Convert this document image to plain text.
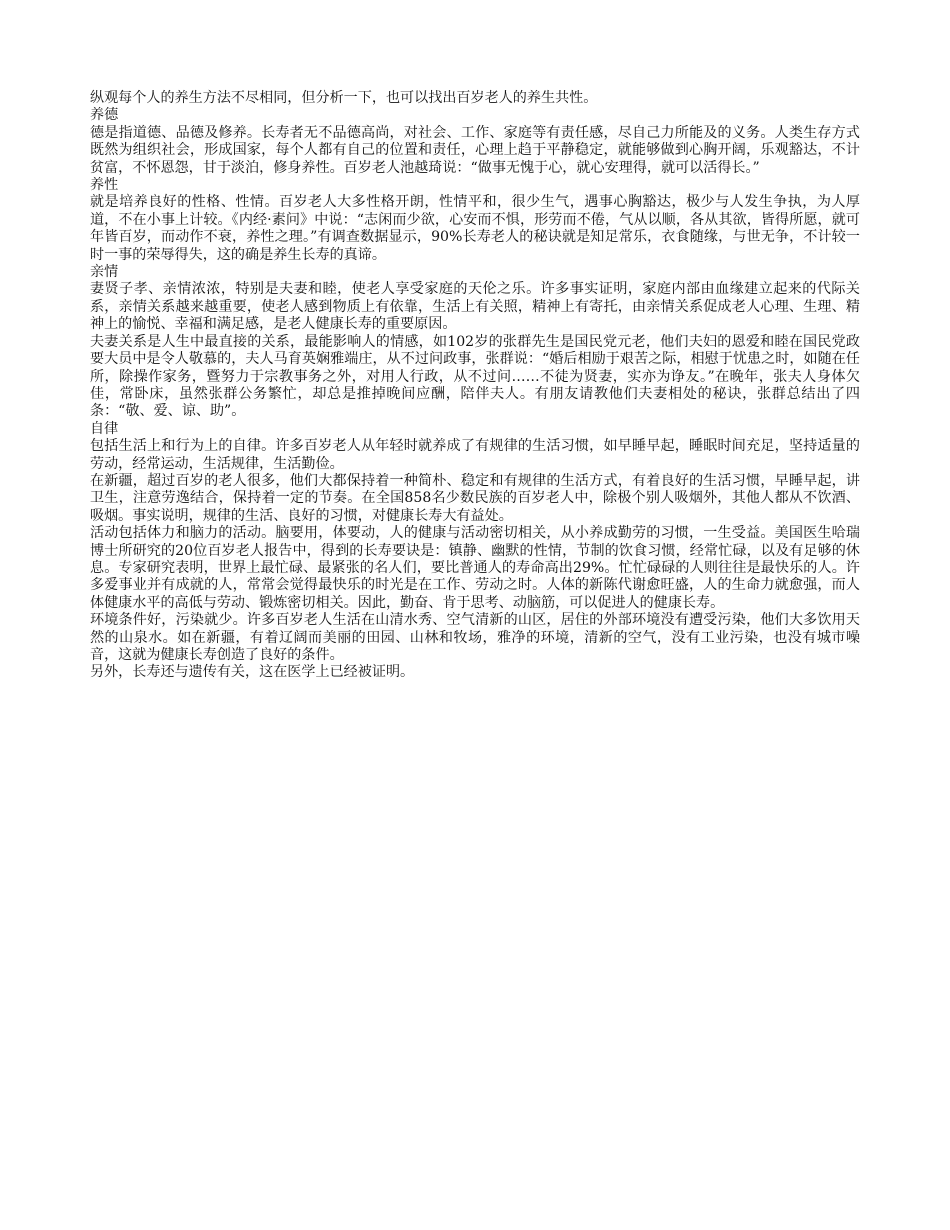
纵观每个人的养生方法不尽相同，但分析一下，也可以找出百岁老人的养生共性。

养德

德是指道德、品德及修养。长寿者无不品德高尚，对社会、工作、家庭等有责任感，尽自己力所能及的义务。人类生存方式既然为组织社会，形成国家，每个人都有自己的位置和责任，心理上趋于平静稳定，就能够做到心胸开阔，乐观豁达，不计贫富，不怀恩怨，甘于淡泊，修身养性。百岁老人池越琦说：“做事无愧于心，就心安理得，就可以活得长。”

养性

就是培养良好的性格、性情。百岁老人大多性格开朗，性情平和，很少生气，遇事心胸豁达，极少与人发生争执，为人厚道，不在小事上计较。《内经·素问》中说：“志闲而少欲，心安而不惧，形劳而不倦，气从以顺，各从其欲，皆得所愿，就可年皆百岁，而动作不衰，养性之理。”有调查数据显示，90%长寿老人的秘诀就是知足常乐，衣食随缘，与世无争，不计较一时一事的荣辱得失，这的确是养生长寿的真谛。

亲情

妻贤子孝、亲情浓浓，特别是夫妻和睦，使老人享受家庭的天伦之乐。许多事实证明，家庭内部由血缘建立起来的代际关系，亲情关系越来越重要，使老人感到物质上有依靠，生活上有关照，精神上有寄托，由亲情关系促成老人心理、生理、精神上的愉悦、幸福和满足感，是老人健康长寿的重要原因。

夫妻关系是人生中最直接的关系，最能影响人的情感，如102岁的张群先生是国民党元老，他们夫妇的恩爱和睦在国民党政要大员中是令人敬慕的，夫人马育英娴雅端庄，从不过问政事，张群说：“婚后相励于艰苦之际，相慰于忧患之时，如随在任所，除操作家务，暨努力于宗教事务之外，对用人行政，从不过问……不徒为贤妻，实亦为诤友。”在晚年，张夫人身体欠佳，常卧床，虽然张群公务繁忙，却总是推掉晚间应酬，陪伴夫人。有朋友请教他们夫妻相处的秘诀，张群总结出了四条：“敬、爱、谅、助”。

自律

包括生活上和行为上的自律。许多百岁老人从年轻时就养成了有规律的生活习惯，如早睡早起，睡眠时间充足，坚持适量的劳动，经常运动，生活规律，生活勤俭。

在新疆，超过百岁的老人很多，他们大都保持着一种简朴、稳定和有规律的生活方式，有着良好的生活习惯，早睡早起，讲卫生，注意劳逸结合，保持着一定的节奏。在全国858名少数民族的百岁老人中，除极个别人吸烟外，其他人都从不饮酒、吸烟。事实说明，规律的生活、良好的习惯，对健康长寿大有益处。

活动包括体力和脑力的活动。脑要用，体要动，人的健康与活动密切相关，从小养成勤劳的习惯，一生受益。美国医生哈瑞博士所研究的20位百岁老人报告中，得到的长寿要诀是：镇静、幽默的性情，节制的饮食习惯，经常忙碌，以及有足够的休息。专家研究表明，世界上最忙碌、最紧张的名人们，要比普通人的寿命高出29%。忙忙碌碌的人则往往是最快乐的人。许多爱事业并有成就的人，常常会觉得最快乐的时光是在工作、劳动之时。人体的新陈代谢愈旺盛，人的生命力就愈强，而人体健康水平的高低与劳动、锻炼密切相关。因此，勤奋、肯于思考、动脑筋，可以促进人的健康长寿。

环境条件好，污染就少。许多百岁老人生活在山清水秀、空气清新的山区，居住的外部环境没有遭受污染，他们大多饮用天然的山泉水。如在新疆，有着辽阔而美丽的田园、山林和牧场，雅净的环境，清新的空气，没有工业污染，也没有城市噪音，这就为健康长寿创造了良好的条件。

另外，长寿还与遗传有关，这在医学上已经被证明。
